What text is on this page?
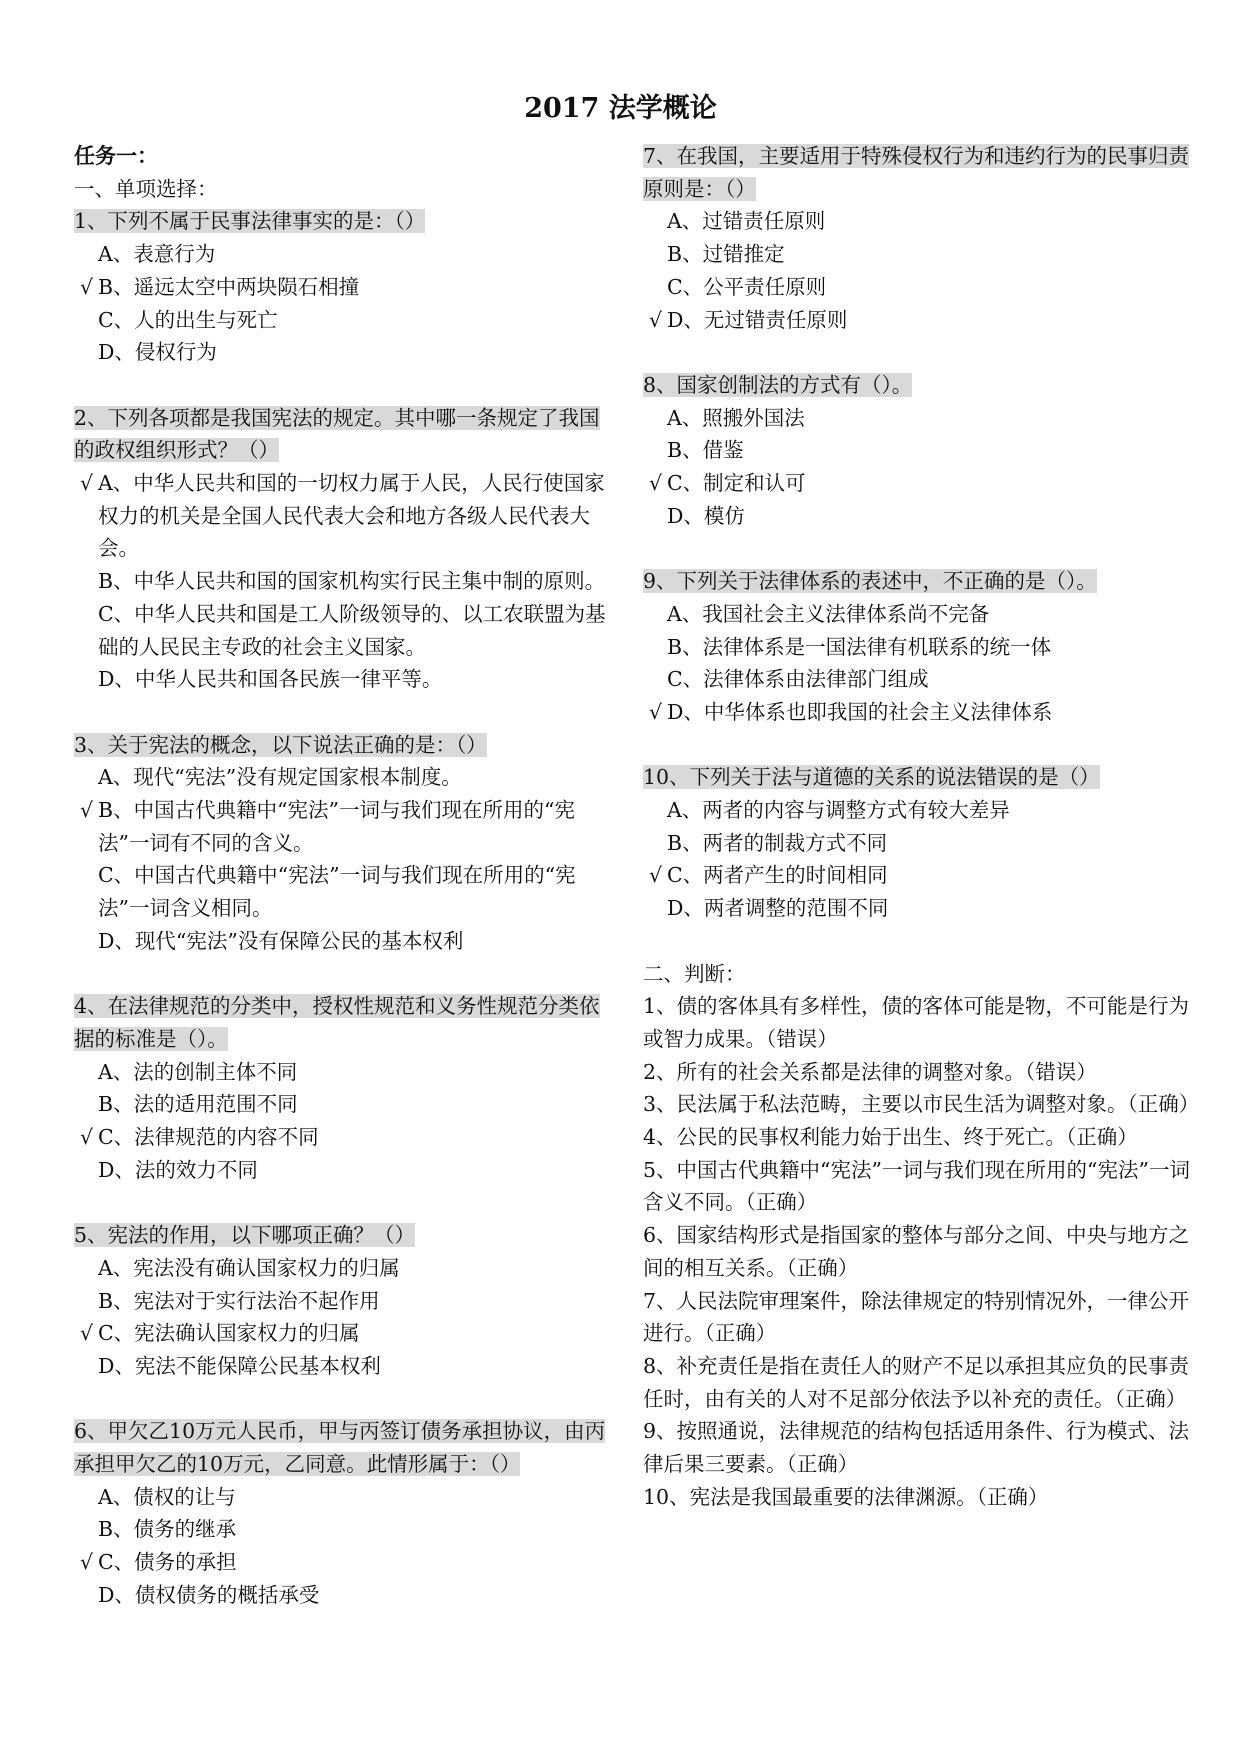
2017 法学概论

任务一：

一、单项选择：

1、下列不属于民事法律事实的是：（）

A、表意行为

√ B、遥远太空中两块陨石相撞

C、人的出生与死亡

D、侵权行为

2、下列各项都是我国宪法的规定。其中哪一条规定了我国的政权组织形式？（）

√ A、中华人民共和国的一切权力属于人民，人民行使国家权力的机关是全国人民代表大会和地方各级人民代表大会。

B、中华人民共和国的国家机构实行民主集中制的原则。

C、中华人民共和国是工人阶级领导的、以工农联盟为基础的人民民主专政的社会主义国家。

D、中华人民共和国各民族一律平等。

3、关于宪法的概念，以下说法正确的是：（）

A、现代“宪法”没有规定国家根本制度。

√ B、中国古代典籍中“宪法”一词与我们现在所用的“宪法”一词有不同的含义。

C、中国古代典籍中“宪法”一词与我们现在所用的“宪法”一词含义相同。

D、现代“宪法”没有保障公民的基本权利

4、在法律规范的分类中，授权性规范和义务性规范分类依据的标准是（）。

A、法的创制主体不同

B、法的适用范围不同

√ C、法律规范的内容不同

D、法的效力不同

5、宪法的作用，以下哪项正确？（）

A、宪法没有确认国家权力的归属

B、宪法对于实行法治不起作用

√ C、宪法确认国家权力的归属

D、宪法不能保障公民基本权利

6、甲欠乙10万元人民币，甲与丙签订债务承担协议，由丙承担甲欠乙的10万元，乙同意。此情形属于：（）

A、债权的让与

B、债务的继承

√ C、债务的承担

D、债权债务的概括承受

7、在我国，主要适用于特殊侵权行为和违约行为的民事归责原则是：（）

A、过错责任原则

B、过错推定

C、公平责任原则

√ D、无过错责任原则

8、国家创制法的方式有（）。

A、照搬外国法

B、借鉴

√ C、制定和认可

D、模仿

9、下列关于法律体系的表述中，不正确的是（）。

A、我国社会主义法律体系尚不完备

B、法律体系是一国法律有机联系的统一体

C、法律体系由法律部门组成

√ D、中华体系也即我国的社会主义法律体系

10、下列关于法与道德的关系的说法错误的是（）

A、两者的内容与调整方式有较大差异

B、两者的制裁方式不同

√ C、两者产生的时间相同

D、两者调整的范围不同

二、判断：

1、债的客体具有多样性，债的客体可能是物，不可能是行为或智力成果。（错误）

2、所有的社会关系都是法律的调整对象。（错误）

3、民法属于私法范畴，主要以市民生活为调整对象。（正确）

4、公民的民事权利能力始于出生、终于死亡。（正确）

5、中国古代典籍中“宪法”一词与我们现在所用的“宪法”一词含义不同。（正确）

6、国家结构形式是指国家的整体与部分之间、中央与地方之间的相互关系。（正确）

7、人民法院审理案件，除法律规定的特别情况外，一律公开进行。（正确）

8、补充责任是指在责任人的财产不足以承担其应负的民事责任时，由有关的人对不足部分依法予以补充的责任。（正确）

9、按照通说，法律规范的结构包括适用条件、行为模式、法律后果三要素。（正确）

10、宪法是我国最重要的法律渊源。（正确）
